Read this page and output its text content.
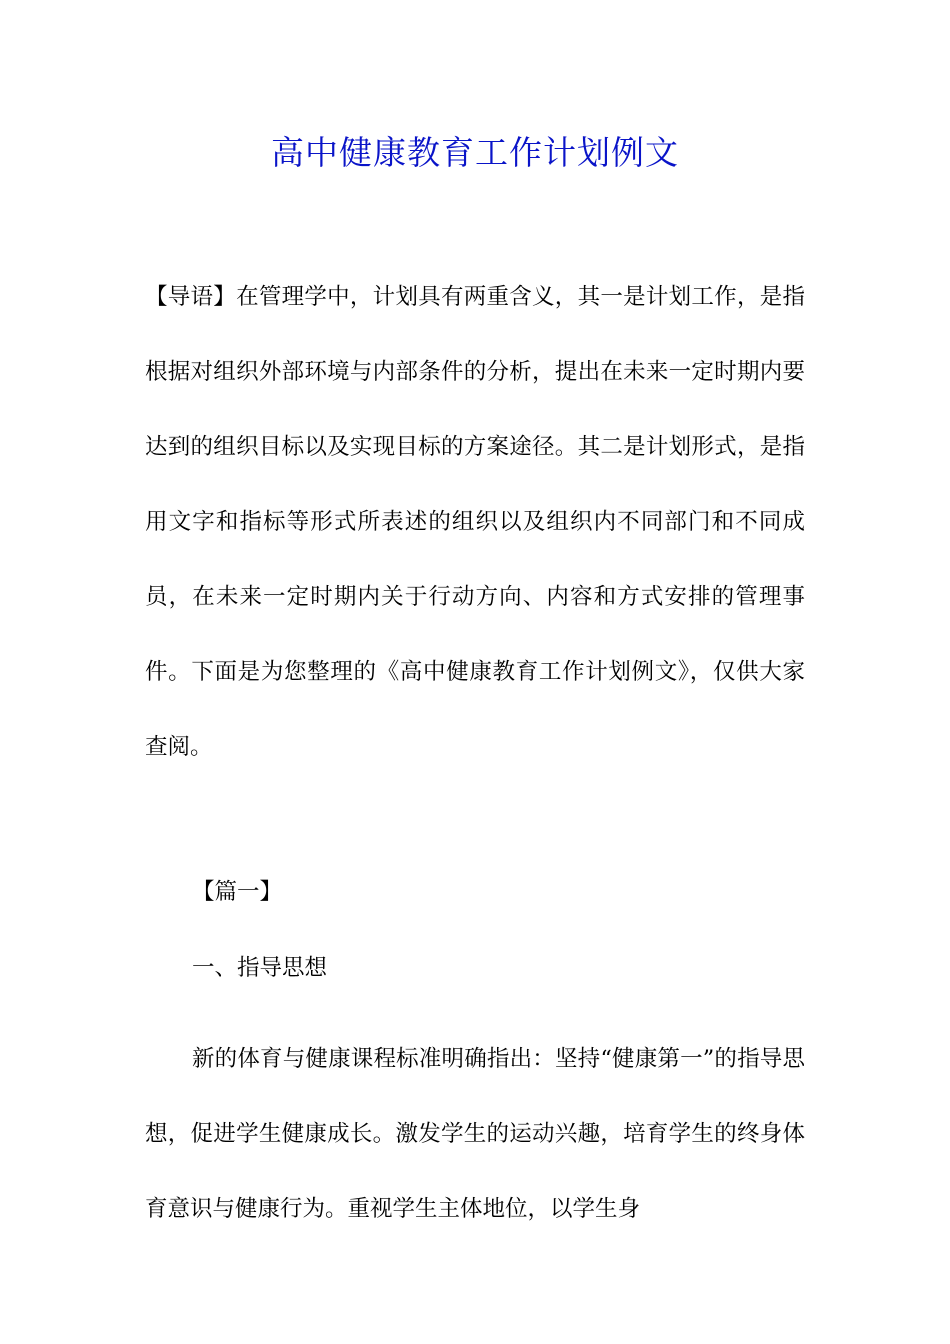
高中健康教育工作计划例文

【导语】在管理学中，计划具有两重含义，其一是计划工作，是指根据对组织外部环境与内部条件的分析，提出在未来一定时期内要达到的组织目标以及实现目标的方案途径。其二是计划形式，是指用文字和指标等形式所表述的组织以及组织内不同部门和不同成员，在未来一定时期内关于行动方向、内容和方式安排的管理事件。下面是为您整理的《高中健康教育工作计划例文》，仅供大家查阅。

【篇一】

一、指导思想

新的体育与健康课程标准明确指出：坚持“健康第一”的指导思想，促进学生健康成长。激发学生的运动兴趣，培育学生的终身体育意识与健康行为。重视学生主体地位，以学生身
